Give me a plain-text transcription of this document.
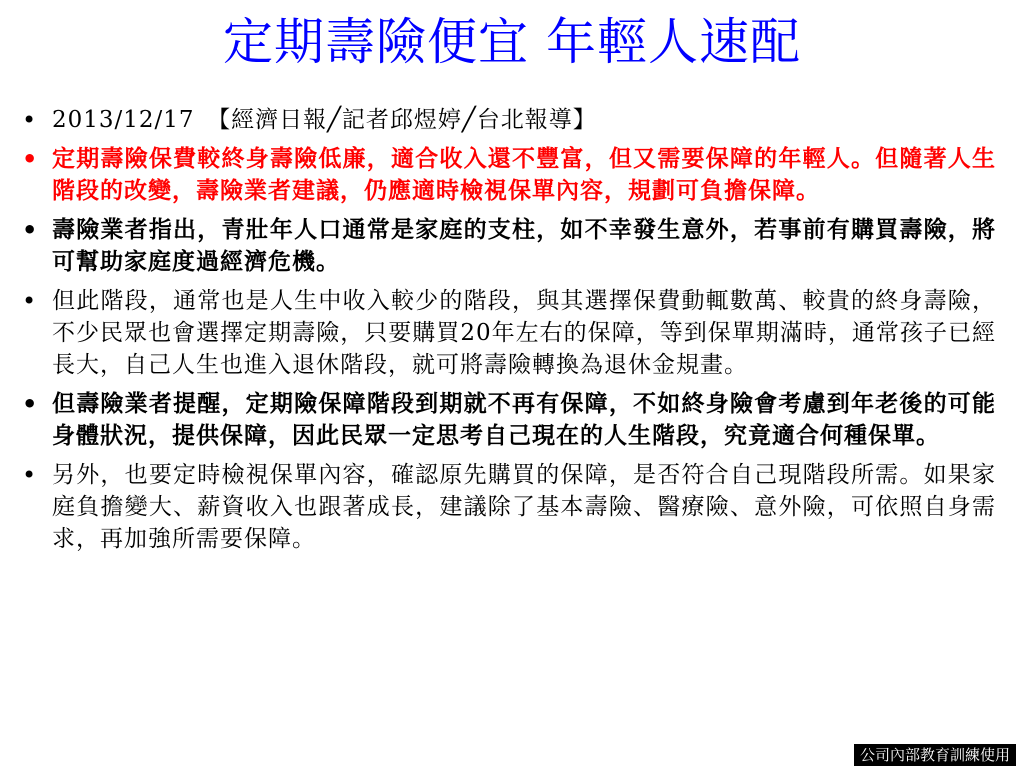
定期壽險便宜 年輕人速配
• 2013/12/17　【經濟日報╱記者邱煜婷╱台北報導】
• 定期壽險保費較終身壽險低廉，適合收入還不豐富，但又需要保障的年輕人。但隨著人生階段的改變，壽險業者建議，仍應適時檢視保單內容，規劃可負擔保障。
• 壽險業者指出，青壯年人口通常是家庭的支柱，如不幸發生意外，若事前有購買壽險，將可幫助家庭度過經濟危機。
• 但此階段，通常也是人生中收入較少的階段，與其選擇保費動輒數萬、較貴的終身壽險，不少民眾也會選擇定期壽險，只要購買20年左右的保障，等到保單期滿時，通常孩子已經長大，自己人生也進入退休階段，就可將壽險轉換為退休金規畫。
• 但壽險業者提醒，定期險保障階段到期就不再有保障，不如終身險會考慮到年老後的可能身體狀況，提供保障，因此民眾一定思考自己現在的人生階段，究竟適合何種保單。
• 另外，也要定時檢視保單內容，確認原先購買的保障，是否符合自己現階段所需。如果家庭負擔變大、薪資收入也跟著成長，建議除了基本壽險、醫療險、意外險，可依照自身需求，再加強所需要保障。
公司內部教育訓練使用
